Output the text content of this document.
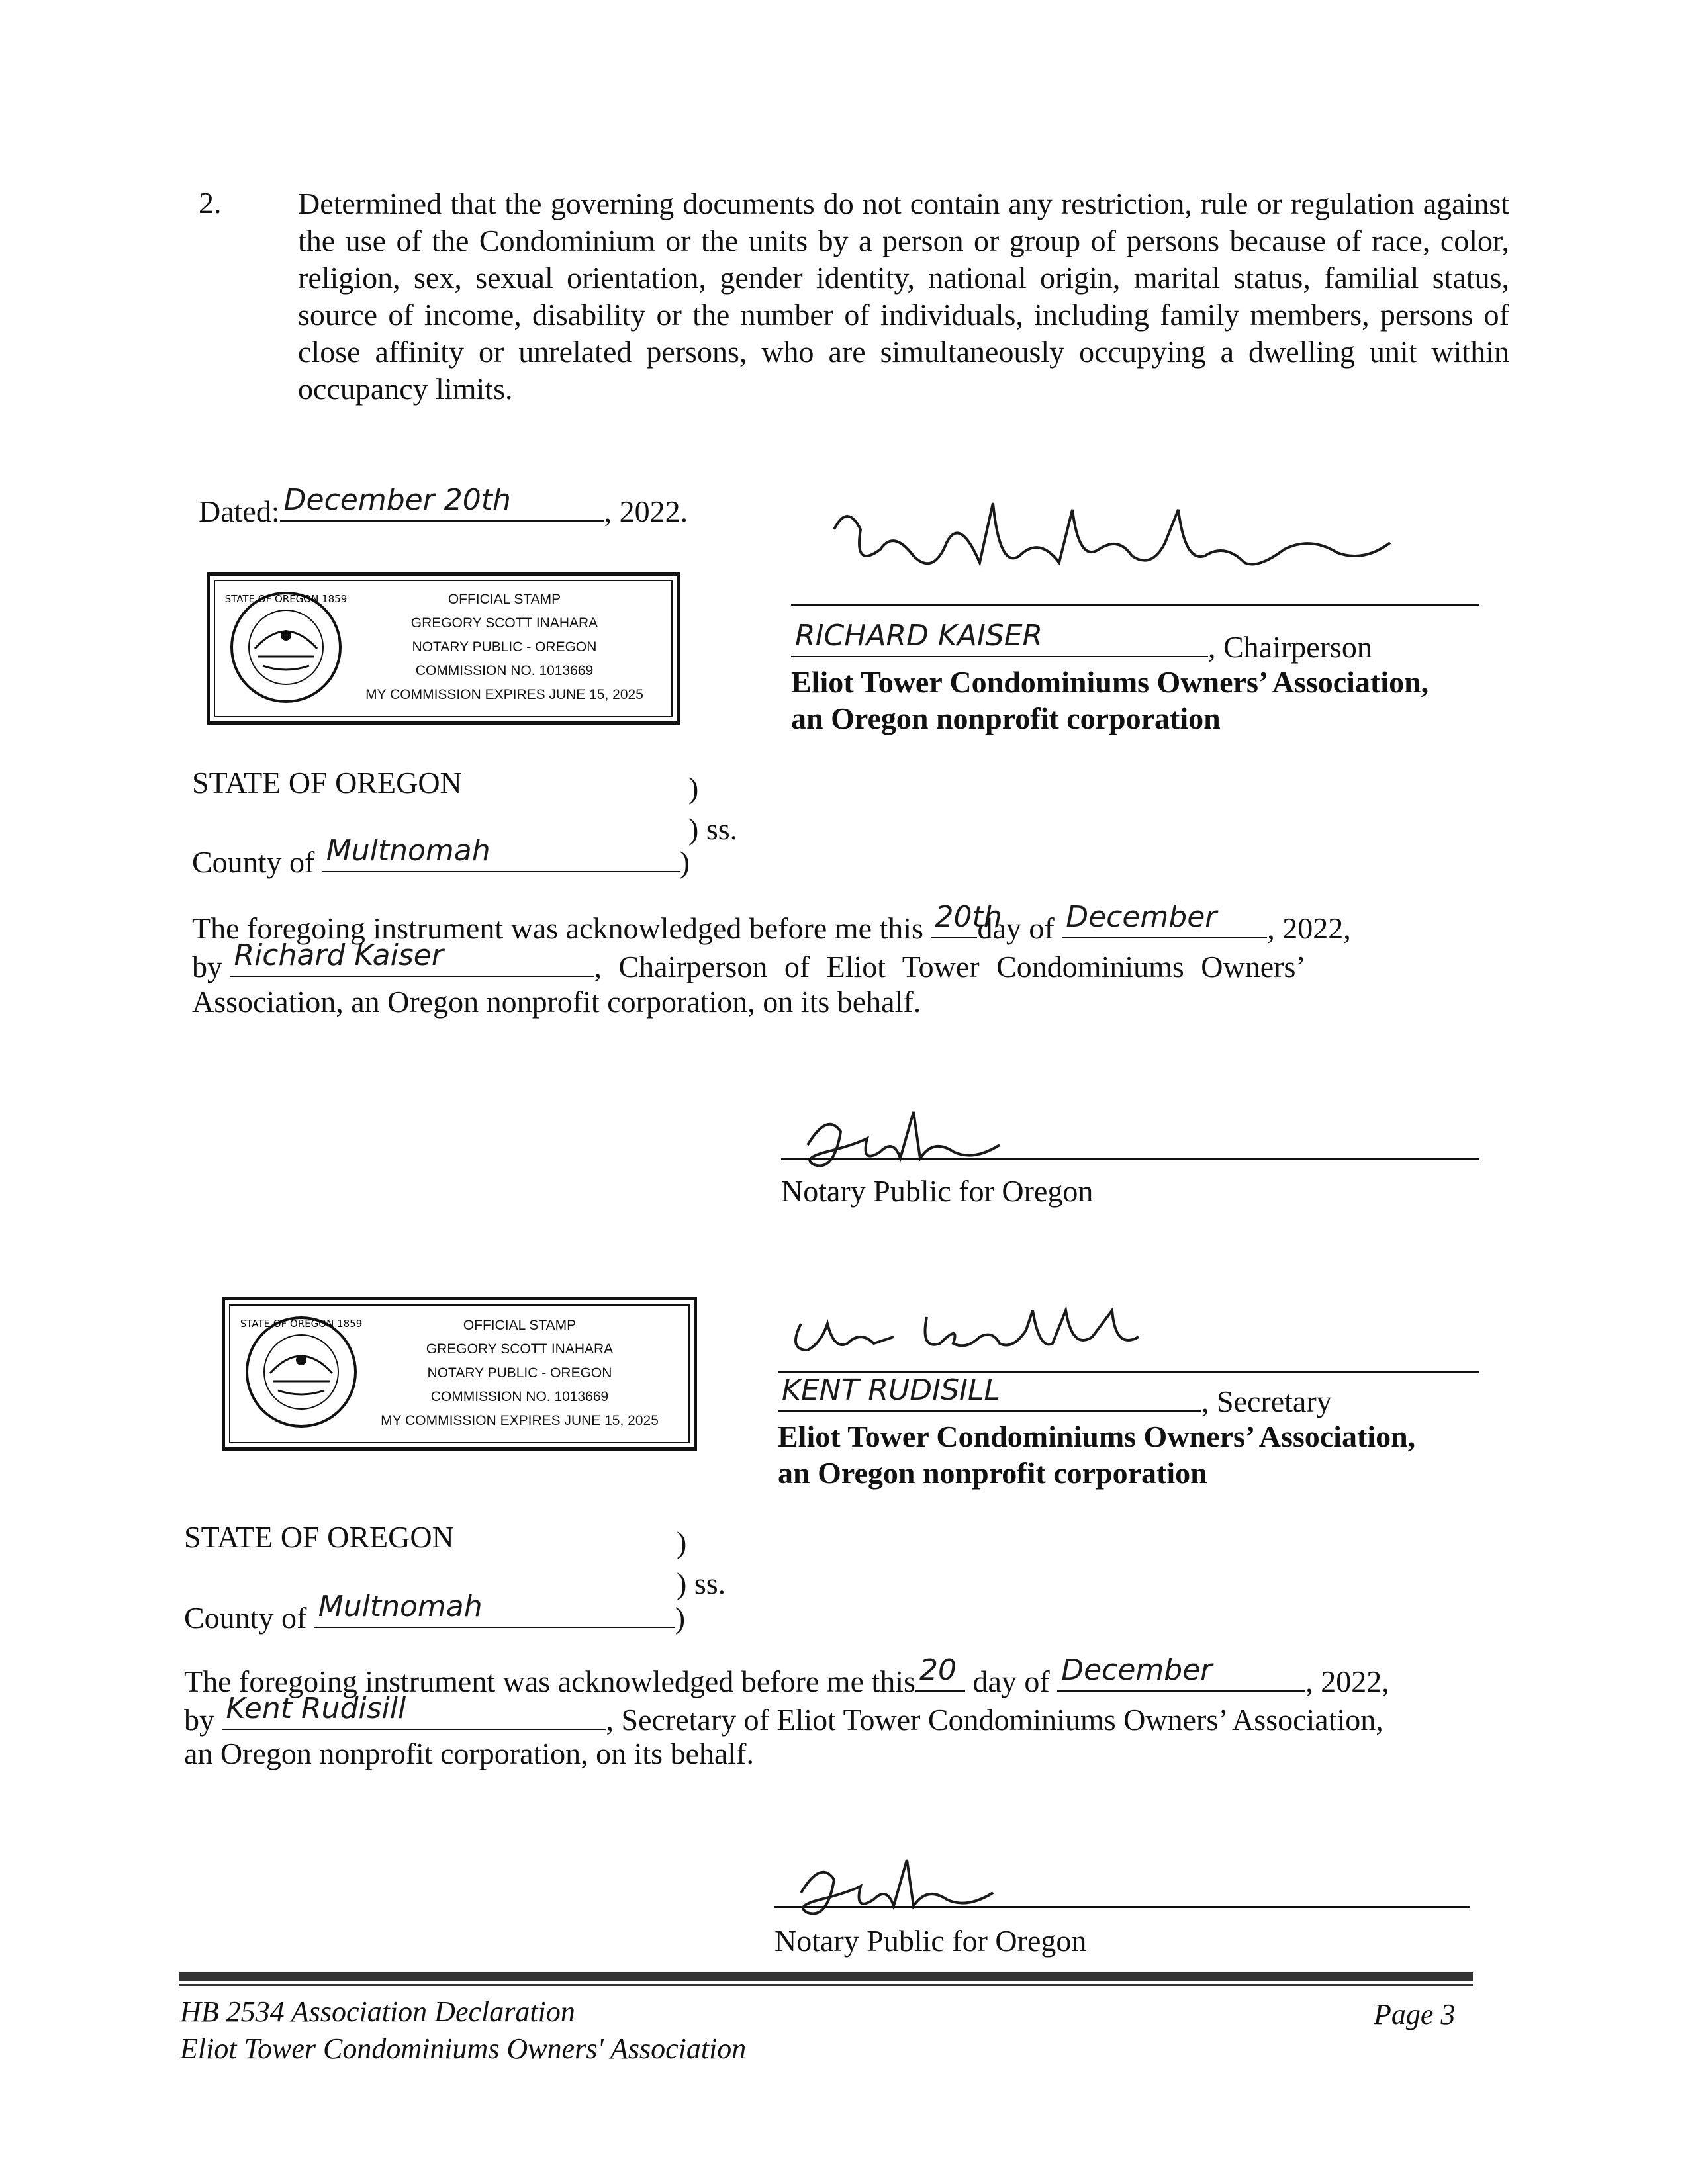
2.	Determined that the governing documents do not contain any restriction, rule or regulation against the use of the Condominium or the units by a person or group of persons because of race, color, religion, sex, sexual orientation, gender identity, national origin, marital status, familial status, source of income, disability or the number of individuals, including family members, persons of close affinity or unrelated persons, who are simultaneously occupying a dwelling unit within occupancy limits.
Dated: December 20th	, 2022.
STATE OF OREGON 1859	OFFICIAL STAMP
GREGORY SCOTT INAHARA
NOTARY PUBLIC - OREGON
COMMISSION NO. 1013669
MY COMMISSION EXPIRES JUNE 15, 2025
RICHARD KAISER	, Chairperson
Eliot Tower Condominiums Owners’ Association,
an Oregon nonprofit corporation
STATE OF OREGON	)
) ss.
County of Multnomah	)
The foregoing instrument was acknowledged before me this 20th
day of December , 2022,
by Richard Kaiser	, Chairperson of Eliot Tower Condominiums Owners’
Association, an Oregon nonprofit corporation, on its behalf.
Notary Public for Oregon
STATE OF OREGON 1859	OFFICIAL STAMP
GREGORY SCOTT INAHARA
NOTARY PUBLIC - OREGON
COMMISSION NO. 1013669
MY COMMISSION EXPIRES JUNE 15, 2025
KENT RUDISILL	, Secretary
Eliot Tower Condominiums Owners’ Association,
an Oregon nonprofit corporation
STATE OF OREGON	)
) ss.
County of Multnomah	)
The foregoing instrument was acknowledged before me this 20 day of December	, 2022,
by Kent Rudisill	, Secretary of Eliot Tower Condominiums Owners’ Association,
an Oregon nonprofit corporation, on its behalf.
Notary Public for Oregon
HB 2534 Association Declaration
Eliot Tower Condominiums Owners' Association
Page 3
